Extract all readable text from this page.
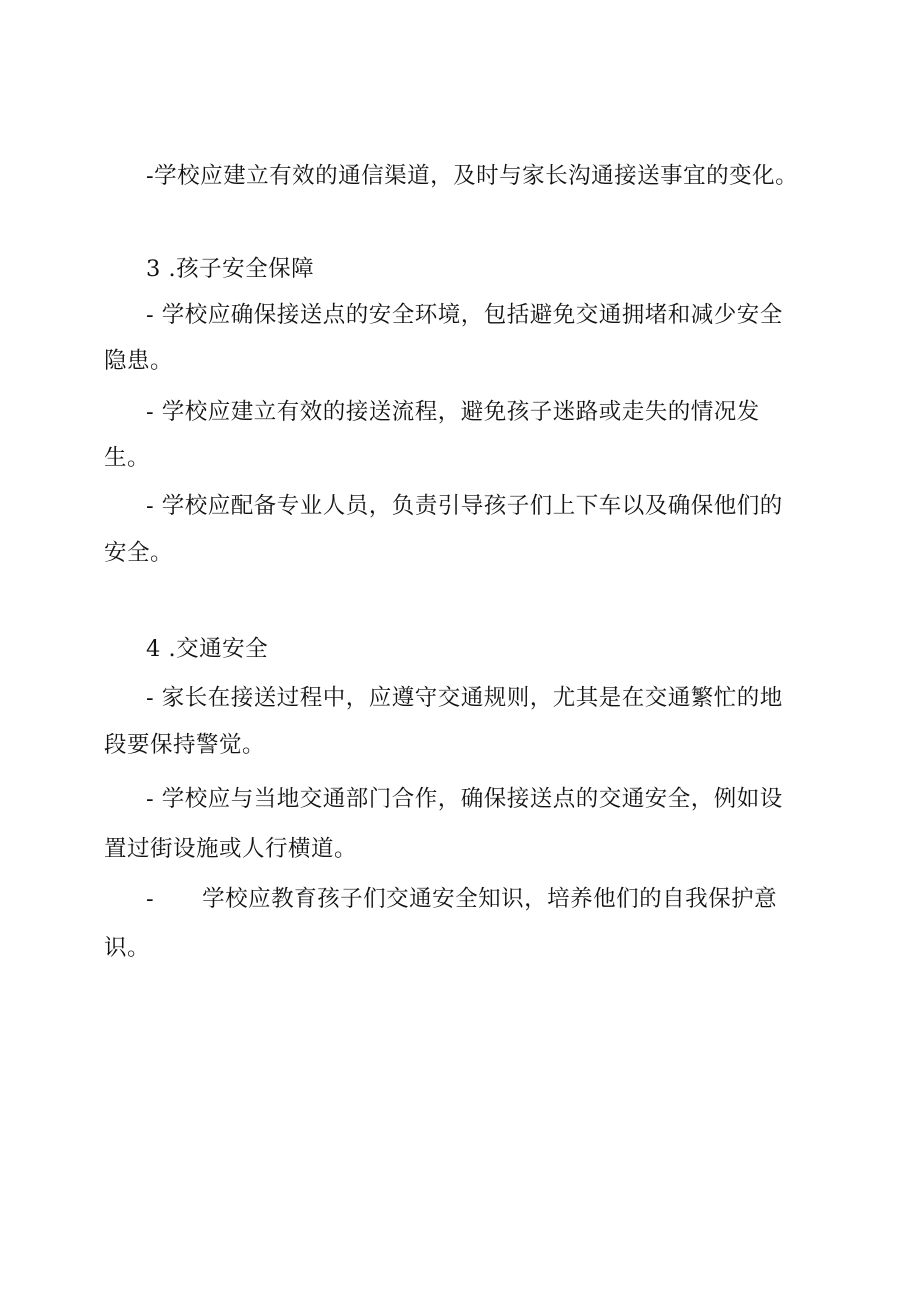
-学校应建立有效的通信渠道，及时与家长沟通接送事宜的变化。
3 .孩子安全保障
- 学校应确保接送点的安全环境，包括避免交通拥堵和减少安全
隐患。
- 学校应建立有效的接送流程，避免孩子迷路或走失的情况发
生。
- 学校应配备专业人员，负责引导孩子们上下车以及确保他们的
安全。
4 .交通安全
- 家长在接送过程中，应遵守交通规则，尤其是在交通繁忙的地
段要保持警觉。
- 学校应与当地交通部门合作，确保接送点的交通安全，例如设
置过街设施或人行横道。
- 学校应教育孩子们交通安全知识，培养他们的自我保护意
识。
